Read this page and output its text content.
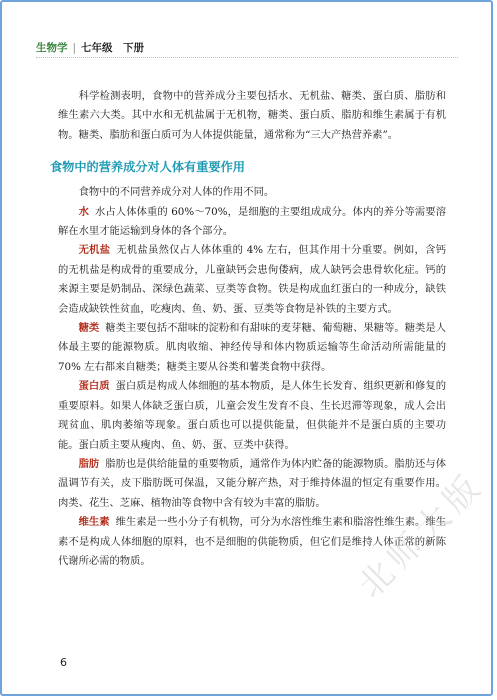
生物学 | 七年级　下册

科学检测表明，食物中的营养成分主要包括水、无机盐、糖类、蛋白质、脂肪和维生素六大类。其中水和无机盐属于无机物，糖类、蛋白质、脂肪和维生素属于有机物。糖类、脂肪和蛋白质可为人体提供能量，通常称为“三大产热营养素”。

食物中的营养成分对人体有重要作用

食物中的不同营养成分对人体的作用不同。

水 水占人体体重的 60%～70%，是细胞的主要组成成分。体内的养分等需要溶解在水里才能运输到身体的各个部分。

无机盐 无机盐虽然仅占人体体重的 4% 左右，但其作用十分重要。例如，含钙的无机盐是构成骨的重要成分，儿童缺钙会患佝偻病，成人缺钙会患骨软化症。钙的来源主要是奶制品、深绿色蔬菜、豆类等食物。铁是构成血红蛋白的一种成分，缺铁会造成缺铁性贫血，吃瘦肉、鱼、奶、蛋、豆类等食物是补铁的主要方式。

糖类 糖类主要包括不甜味的淀粉和有甜味的麦芽糖、葡萄糖、果糖等。糖类是人体最主要的能源物质。肌肉收缩、神经传导和体内物质运输等生命活动所需能量的 70% 左右都来自糖类；糖类主要从谷类和薯类食物中获得。

蛋白质 蛋白质是构成人体细胞的基本物质，是人体生长发育、组织更新和修复的重要原料。如果人体缺乏蛋白质，儿童会发生发育不良、生长迟滞等现象，成人会出现贫血、肌肉萎缩等现象。蛋白质也可以提供能量，但供能并不是蛋白质的主要功能。蛋白质主要从瘦肉、鱼、奶、蛋、豆类中获得。

脂肪 脂肪也是供给能量的重要物质，通常作为体内贮备的能源物质。脂肪还与体温调节有关，皮下脂肪既可保温，又能分解产热，对于维持体温的恒定有重要作用。肉类、花生、芝麻、植物油等食物中含有较为丰富的脂肪。

维生素 维生素是一些小分子有机物，可分为水溶性维生素和脂溶性维生素。维生素不是构成人体细胞的原料，也不是细胞的供能物质，但它们是维持人体正常的新陈代谢所必需的物质。

6
北师大版
